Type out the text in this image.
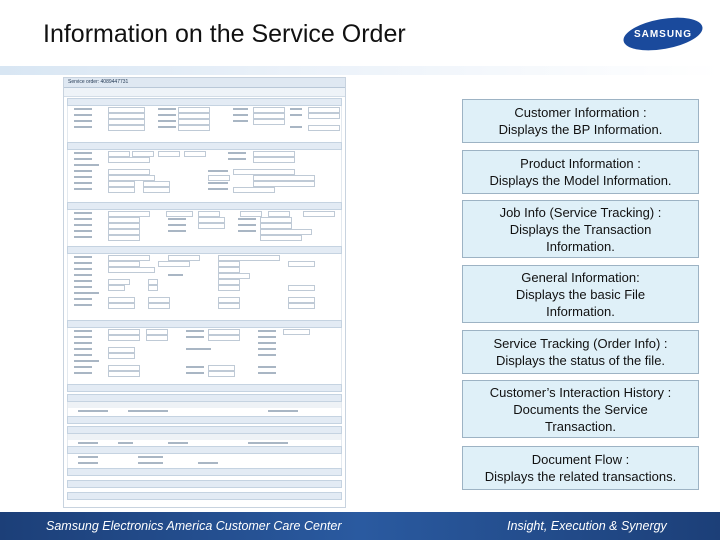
Information on the Service Order	SAMSUNG
Service order: 4089447731
Customer Information :
Displays the BP Information.
Product Information :
Displays the Model Information.
Job Info (Service Tracking) :
Displays the Transaction
Information.
General Information:
Displays the basic File
Information.
Service Tracking (Order Info) :
Displays the status of the file.
Customer’s Interaction History :
Documents the Service
Transaction.
Document Flow :
Displays the related transactions.
Samsung Electronics America Customer Care Center	Insight, Execution & Synergy
